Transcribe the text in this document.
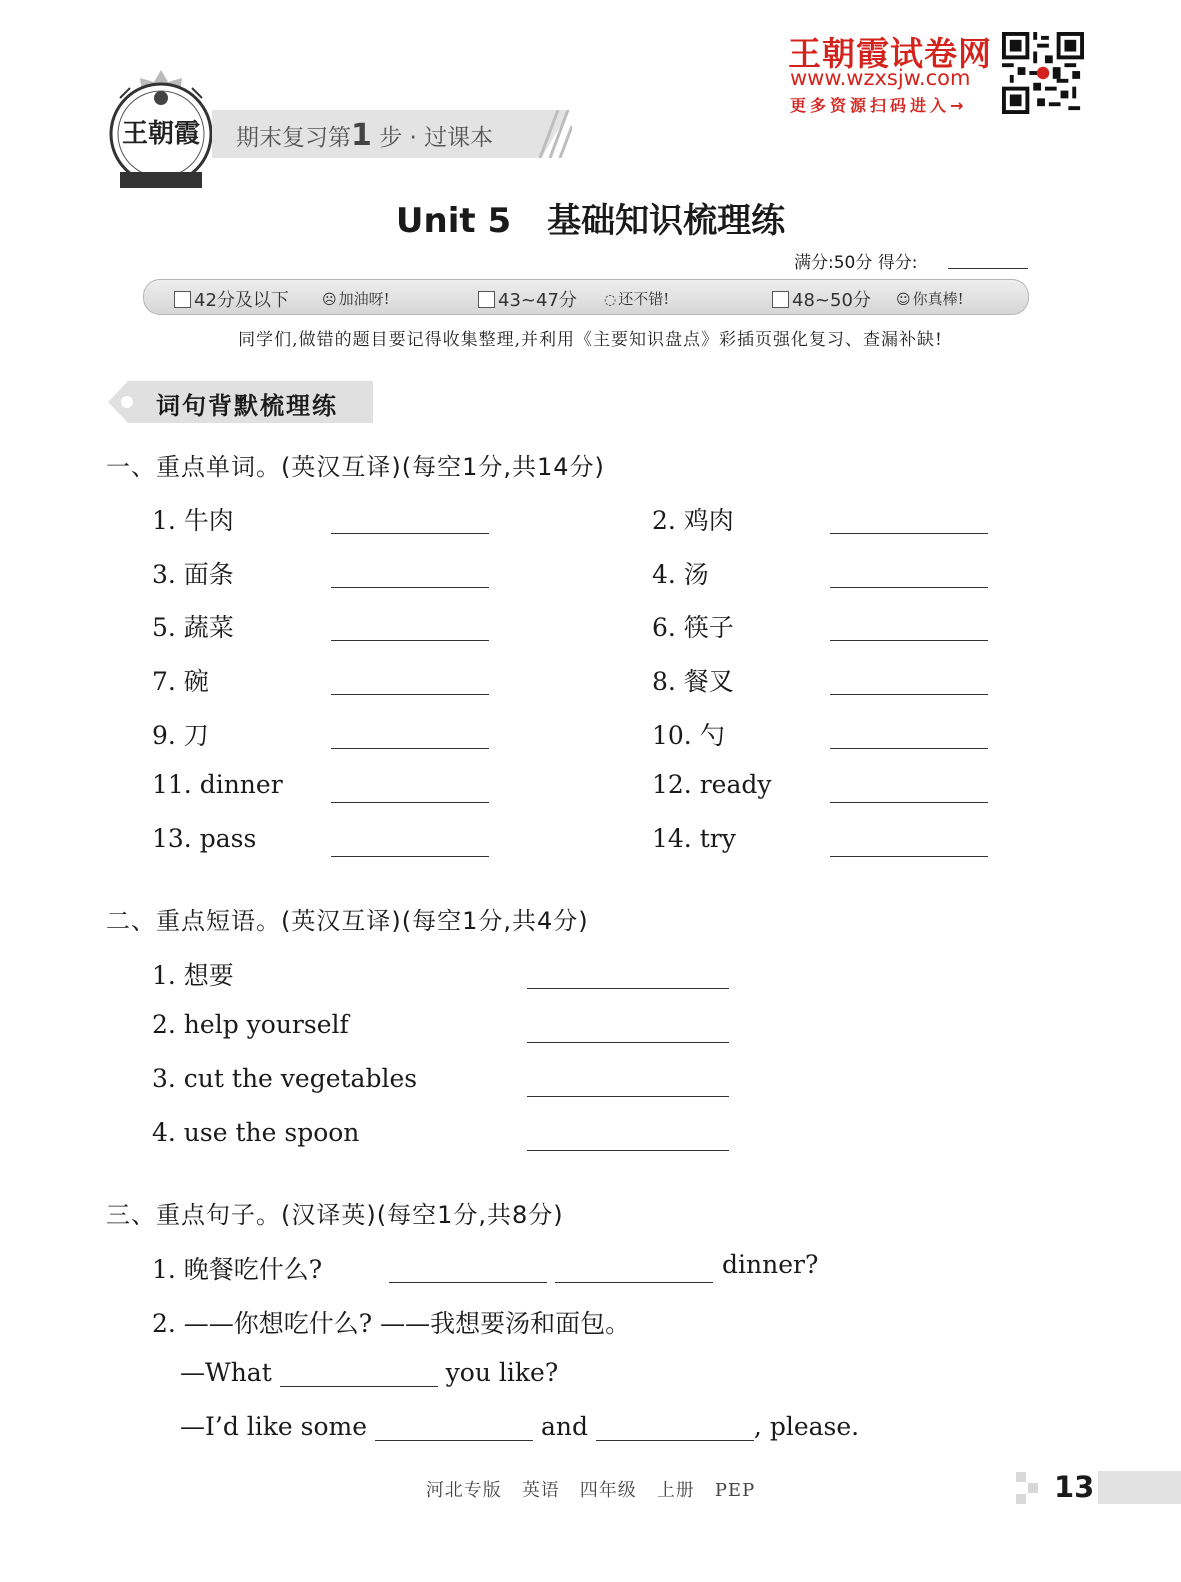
王朝霞 期末复习第1 步 · 过课本
王朝霞试卷网
www.wzxsjw.com
更多资源扫码进入→
Unit 5 基础知识梳理练
满分:50分 得分:
42分及以下 ☹ 加油呀!	43~47分 ◌ 还不错!	48~50分 ☺ 你真棒!
同学们,做错的题目要记得收集整理,并利用《主要知识盘点》彩插页强化复习、查漏补缺!
词句背默梳理练
一、重点单词。(英汉互译)(每空1分,共14分)
1. 牛肉	2. 鸡肉
3. 面条	4. 汤
5. 蔬菜	6. 筷子
7. 碗	8. 餐叉
9. 刀	10. 勺
11. dinner	12. ready
13. pass	14. try
二、重点短语。(英汉互译)(每空1分,共4分)
1. 想要
2. help yourself
3. cut the vegetables
4. use the spoon
三、重点句子。(汉译英)(每空1分,共8分)
1. 晚餐吃什么?	dinner?
2. ——你想吃什么? ——我想要汤和面包。
—What	you like?
—I’d like some	and	, please.
河北专版 英语 四年级 上册 PEP	13
